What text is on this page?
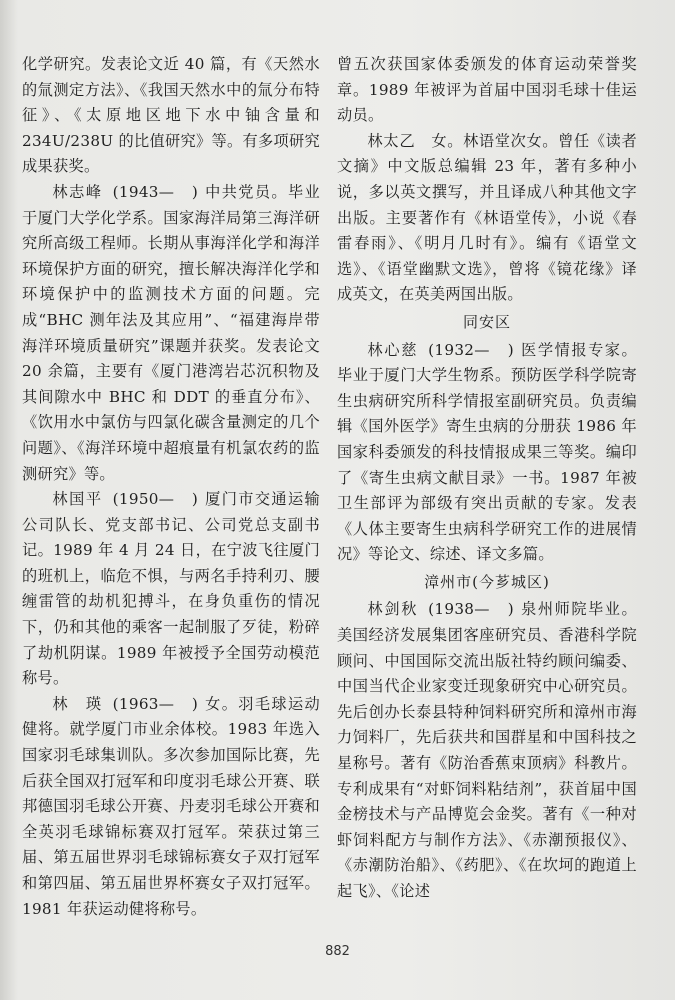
化学研究。发表论文近 40 篇，有《天然水的氚测定方法》、《我国天然水中的氚分布特征》、《太原地区地下水中铀含量和234U/238U 的比值研究》等。有多项研究成果获奖。

林志峰 (1943—　) 中共党员。毕业于厦门大学化学系。国家海洋局第三海洋研究所高级工程师。长期从事海洋化学和海洋环境保护方面的研究，擅长解决海洋化学和环境保护中的监测技术方面的问题。完成“BHC 测年法及其应用”、“福建海岸带海洋环境质量研究”课题并获奖。发表论文 20 余篇，主要有《厦门港湾岩芯沉积物及其间隙水中 BHC 和 DDT 的垂直分布》、《饮用水中氯仿与四氯化碳含量测定的几个问题》、《海洋环境中超痕量有机氯农药的监测研究》等。

林国平 (1950—　) 厦门市交通运输公司队长、党支部书记、公司党总支副书记。1989 年 4 月 24 日，在宁波飞往厦门的班机上，临危不惧，与两名手持利刃、腰缠雷管的劫机犯搏斗，在身负重伤的情况下，仍和其他的乘客一起制服了歹徒，粉碎了劫机阴谋。1989 年被授予全国劳动模范称号。

林　瑛 (1963—　) 女。羽毛球运动健将。就学厦门市业余体校。1983 年选入国家羽毛球集训队。多次参加国际比赛，先后获全国双打冠军和印度羽毛球公开赛、联邦德国羽毛球公开赛、丹麦羽毛球公开赛和全英羽毛球锦标赛双打冠军。荣获过第三届、第五届世界羽毛球锦标赛女子双打冠军和第四届、第五届世界杯赛女子双打冠军。1981 年获运动健将称号。

曾五次获国家体委颁发的体育运动荣誉奖章。1989 年被评为首届中国羽毛球十佳运动员。

林太乙　 女。林语堂次女。曾任《读者文摘》中文版总编辑 23 年，著有多种小说，多以英文撰写，并且译成八种其他文字出版。主要著作有《林语堂传》，小说《春雷春雨》、《明月几时有》。编有《语堂文选》、《语堂幽默文选》，曾将《镜花缘》译成英文，在英美两国出版。

同安区

林心慈 (1932—　) 医学情报专家。毕业于厦门大学生物系。预防医学科学院寄生虫病研究所科学情报室副研究员。负责编辑《国外医学》寄生虫病的分册获 1986 年国家科委颁发的科技情报成果三等奖。编印了《寄生虫病文献目录》一书。1987 年被卫生部评为部级有突出贡献的专家。发表《人体主要寄生虫病科学研究工作的进展情况》等论文、综述、译文多篇。

漳州市(今芗城区)

林剑秋 (1938—　) 泉州师院毕业。美国经济发展集团客座研究员、香港科学院顾问、中国国际交流出版社特约顾问编委、中国当代企业家变迁现象研究中心研究员。先后创办长泰县特种饲料研究所和漳州市海力饲料厂，先后获共和国群星和中国科技之星称号。著有《防治香蕉束顶病》科教片。专利成果有“对虾饲料粘结剂”，获首届中国金榜技术与产品博览会金奖。著有《一种对虾饲料配方与制作方法》、《赤潮预报仪》、《赤潮防治船》、《药肥》、《在坎坷的跑道上起飞》、《论述

882
